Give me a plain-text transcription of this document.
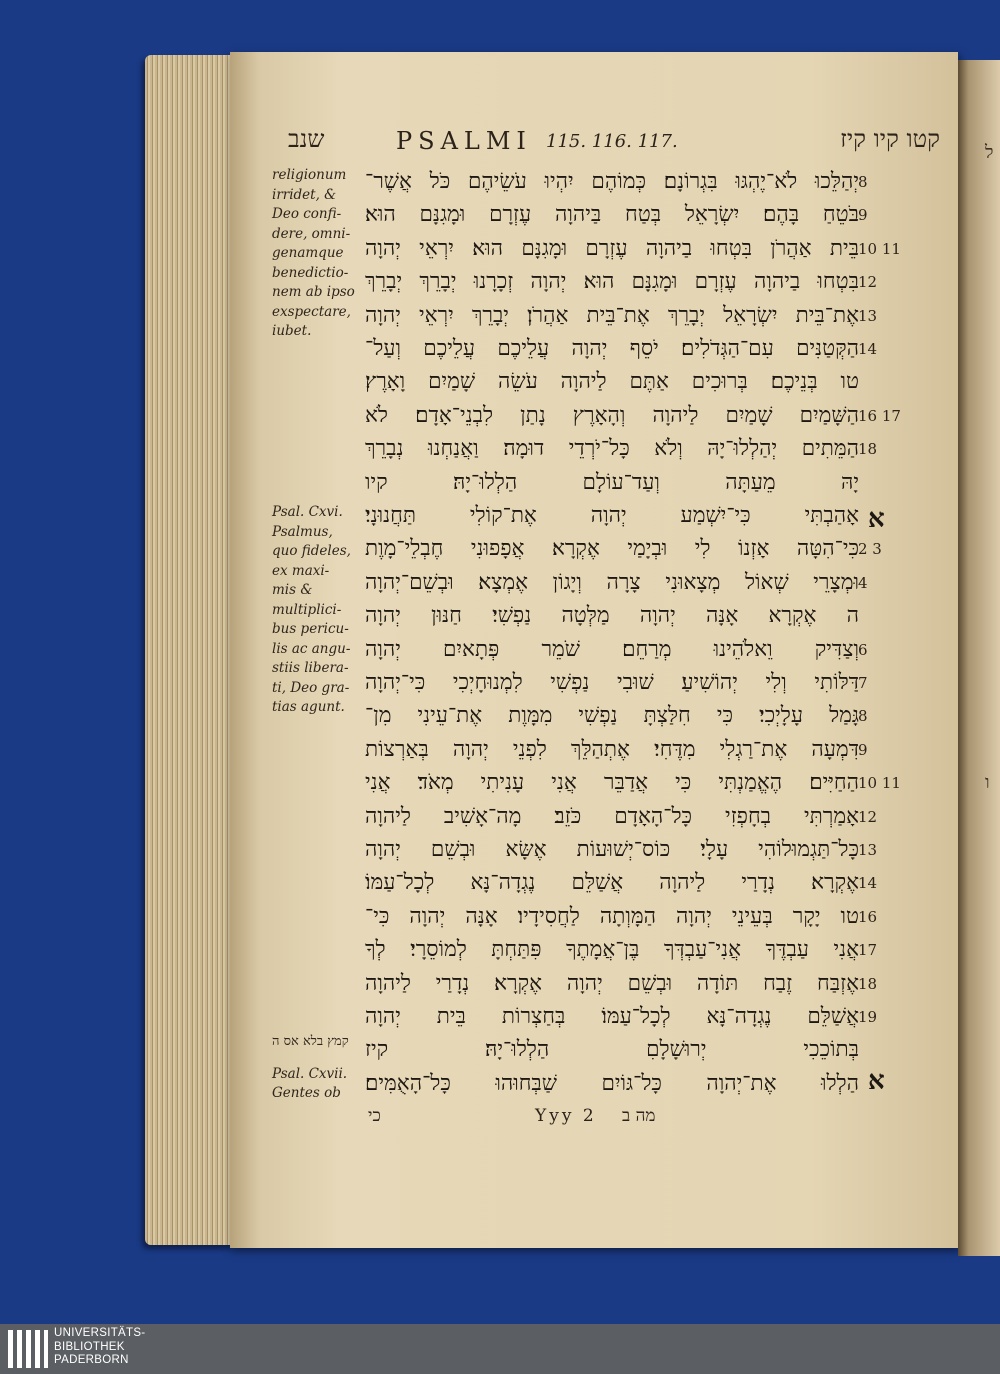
ל
ו
שנב	PSALMI 115. 116. 117.	קטו קיו קיז
religionum
irridet, &
Deo confi-
dere, omni-
genamque
benedictio-
nem ab ipso
exspectare,
iubet.
Psal. Cxvi.
Psalmus,
quo fideles,
ex maxi-
mis &
multiplici-
bus pericu-
lis ac angu-
stiis libera-
ti, Deo gra-
tias agunt.
יְהַלֵּכוּ לֹא־יֶהְגּוּ בִּגְרוֹנָם׃ כְּמוֹהֶם יִהְיוּ עֹשֵׂיהֶם כֹּל אֲשֶׁר־ 8
בֹּטֵחַ בָּהֶם׃ יִשְׂרָאֵל בְּטַח בַּיהוָה עֶזְרָם וּמָגִנָּם הוּא׃ 9
בֵּית אַהֲרֹן בִּטְחוּ בַיהוָה עֶזְרָם וּמָגִנָּם הוּא׃ יִרְאֵי יְהוָה 10 11
בִּטְחוּ בַיהוָה עֶזְרָם וּמָגִנָּם הוּא׃ יְהוָה זְכָרָנוּ יְבָרֵךְ יְבָרֵךְ 12
אֶת־בֵּית יִשְׂרָאֵל יְבָרֵךְ אֶת־בֵּית אַהֲרֹן׃ יְבָרֵךְ יִרְאֵי יְהוָה 13
הַקְּטַנִּים עִם־הַגְּדֹלִים׃ יֹסֵף יְהוָה עֲלֵיכֶם עֲלֵיכֶם וְעַל־ 14
טו בְּנֵיכֶם׃ בְּרוּכִים אַתֶּם לַיהוָה עֹשֵׂה שָׁמַיִם וָאָרֶץ׃
הַשָּׁמַיִם שָׁמַיִם לַיהוָה וְהָאָרֶץ נָתַן לִבְנֵי־אָדָם׃ לֹא 16 17
הַמֵּתִים יְהַלְלוּ־יָהּ וְלֹא כָּל־יֹרְדֵי דוּמָה׃ וַאֲנַחְנוּ נְבָרֵךְ 18
יָהּ מֵעַתָּה וְעַד־עוֹלָם הַלְלוּ־יָהּ׃ קיו
אָהַבְתִּי כִּי־יִשְׁמַע יְהוָה אֶת־קוֹלִי תַּחֲנוּנָי׃
כִּי־הִטָּה אָזְנוֹ לִי וּבְיָמַי אֶקְרָא׃ אֲפָפוּנִי חֶבְלֵי־מָוֶת 2 3
וּמְצָרֵי שְׁאוֹל מְצָאוּנִי צָרָה וְיָגוֹן אֶמְצָא׃ וּבְשֵׁם־יְהוָה 4
ה אֶקְרָא אָנָּה יְהוָה מַלְּטָה נַפְשִׁי׃ חַנּוּן יְהוָה
וְצַדִּיק וֵאלֹהֵינוּ מְרַחֵם׃ שֹׁמֵר פְּתָאיִם יְהוָה 6
דַּלּוֹתִי וְלִי יְהוֹשִׁיעַ׃ שׁוּבִי נַפְשִׁי לִמְנוּחָיְכִי כִּי־יְהוָה 7
גָּמַל עָלָיְכִי׃ כִּי חִלַּצְתָּ נַפְשִׁי מִמָּוֶת אֶת־עֵינִי מִן־ 8
דִּמְעָה אֶת־רַגְלִי מִדֶּחִי׃ אֶתְהַלֵּךְ לִפְנֵי יְהוָה בְּאַרְצוֹת 9
הַחַיִּים׃ הֶאֱמַנְתִּי כִּי אֲדַבֵּר אֲנִי עָנִיתִי מְאֹד׃ אֲנִי 10 11
אָמַרְתִּי בְחָפְזִי כָּל־הָאָדָם כֹּזֵב׃ מָה־אָשִׁיב לַיהוָה 12
כָּל־תַּגְמוּלוֹהִי עָלָי׃ כּוֹס־יְשׁוּעוֹת אֶשָּׂא וּבְשֵׁם יְהוָה 13
אֶקְרָא׃ נְדָרַי לַיהוָה אֲשַׁלֵּם נֶגְדָה־נָּא לְכָל־עַמּוֹ׃ 14
טו יָקָר בְּעֵינֵי יְהוָה הַמָּוְתָה לַחֲסִידָיו׃ אָנָּה יְהוָה כִּי־ 16
אֲנִי עַבְדֶּךָ אֲנִי־עַבְדְּךָ בֶּן־אֲמָתֶךָ פִּתַּחְתָּ לְמוֹסֵרָי׃ לְךָ 17
אֶזְבַּח זֶבַח תּוֹדָה וּבְשֵׁם יְהוָה אֶקְרָא׃ נְדָרַי לַיהוָה 18
אֲשַׁלֵּם נֶגְדָה־נָּא לְכָל־עַמּוֹ׃ בְּחַצְרוֹת בֵּית יְהוָה 19
בְּתוֹכֵכִי יְרוּשָׁלָםִ הַלְלוּ־יָהּ׃ קיז
הַלְלוּ אֶת־יְהוָה כָּל־גּוֹיִם שַׁבְּחוּהוּ כָּל־הָאֻמִּים׃
א
א
קמץ בלא אס ה
Psal. Cxvii.
Gentes ob
כי	Yyy 2 מה ב
UNIVERSITÄTS-
BIBLIOTHEK
PADERBORN
